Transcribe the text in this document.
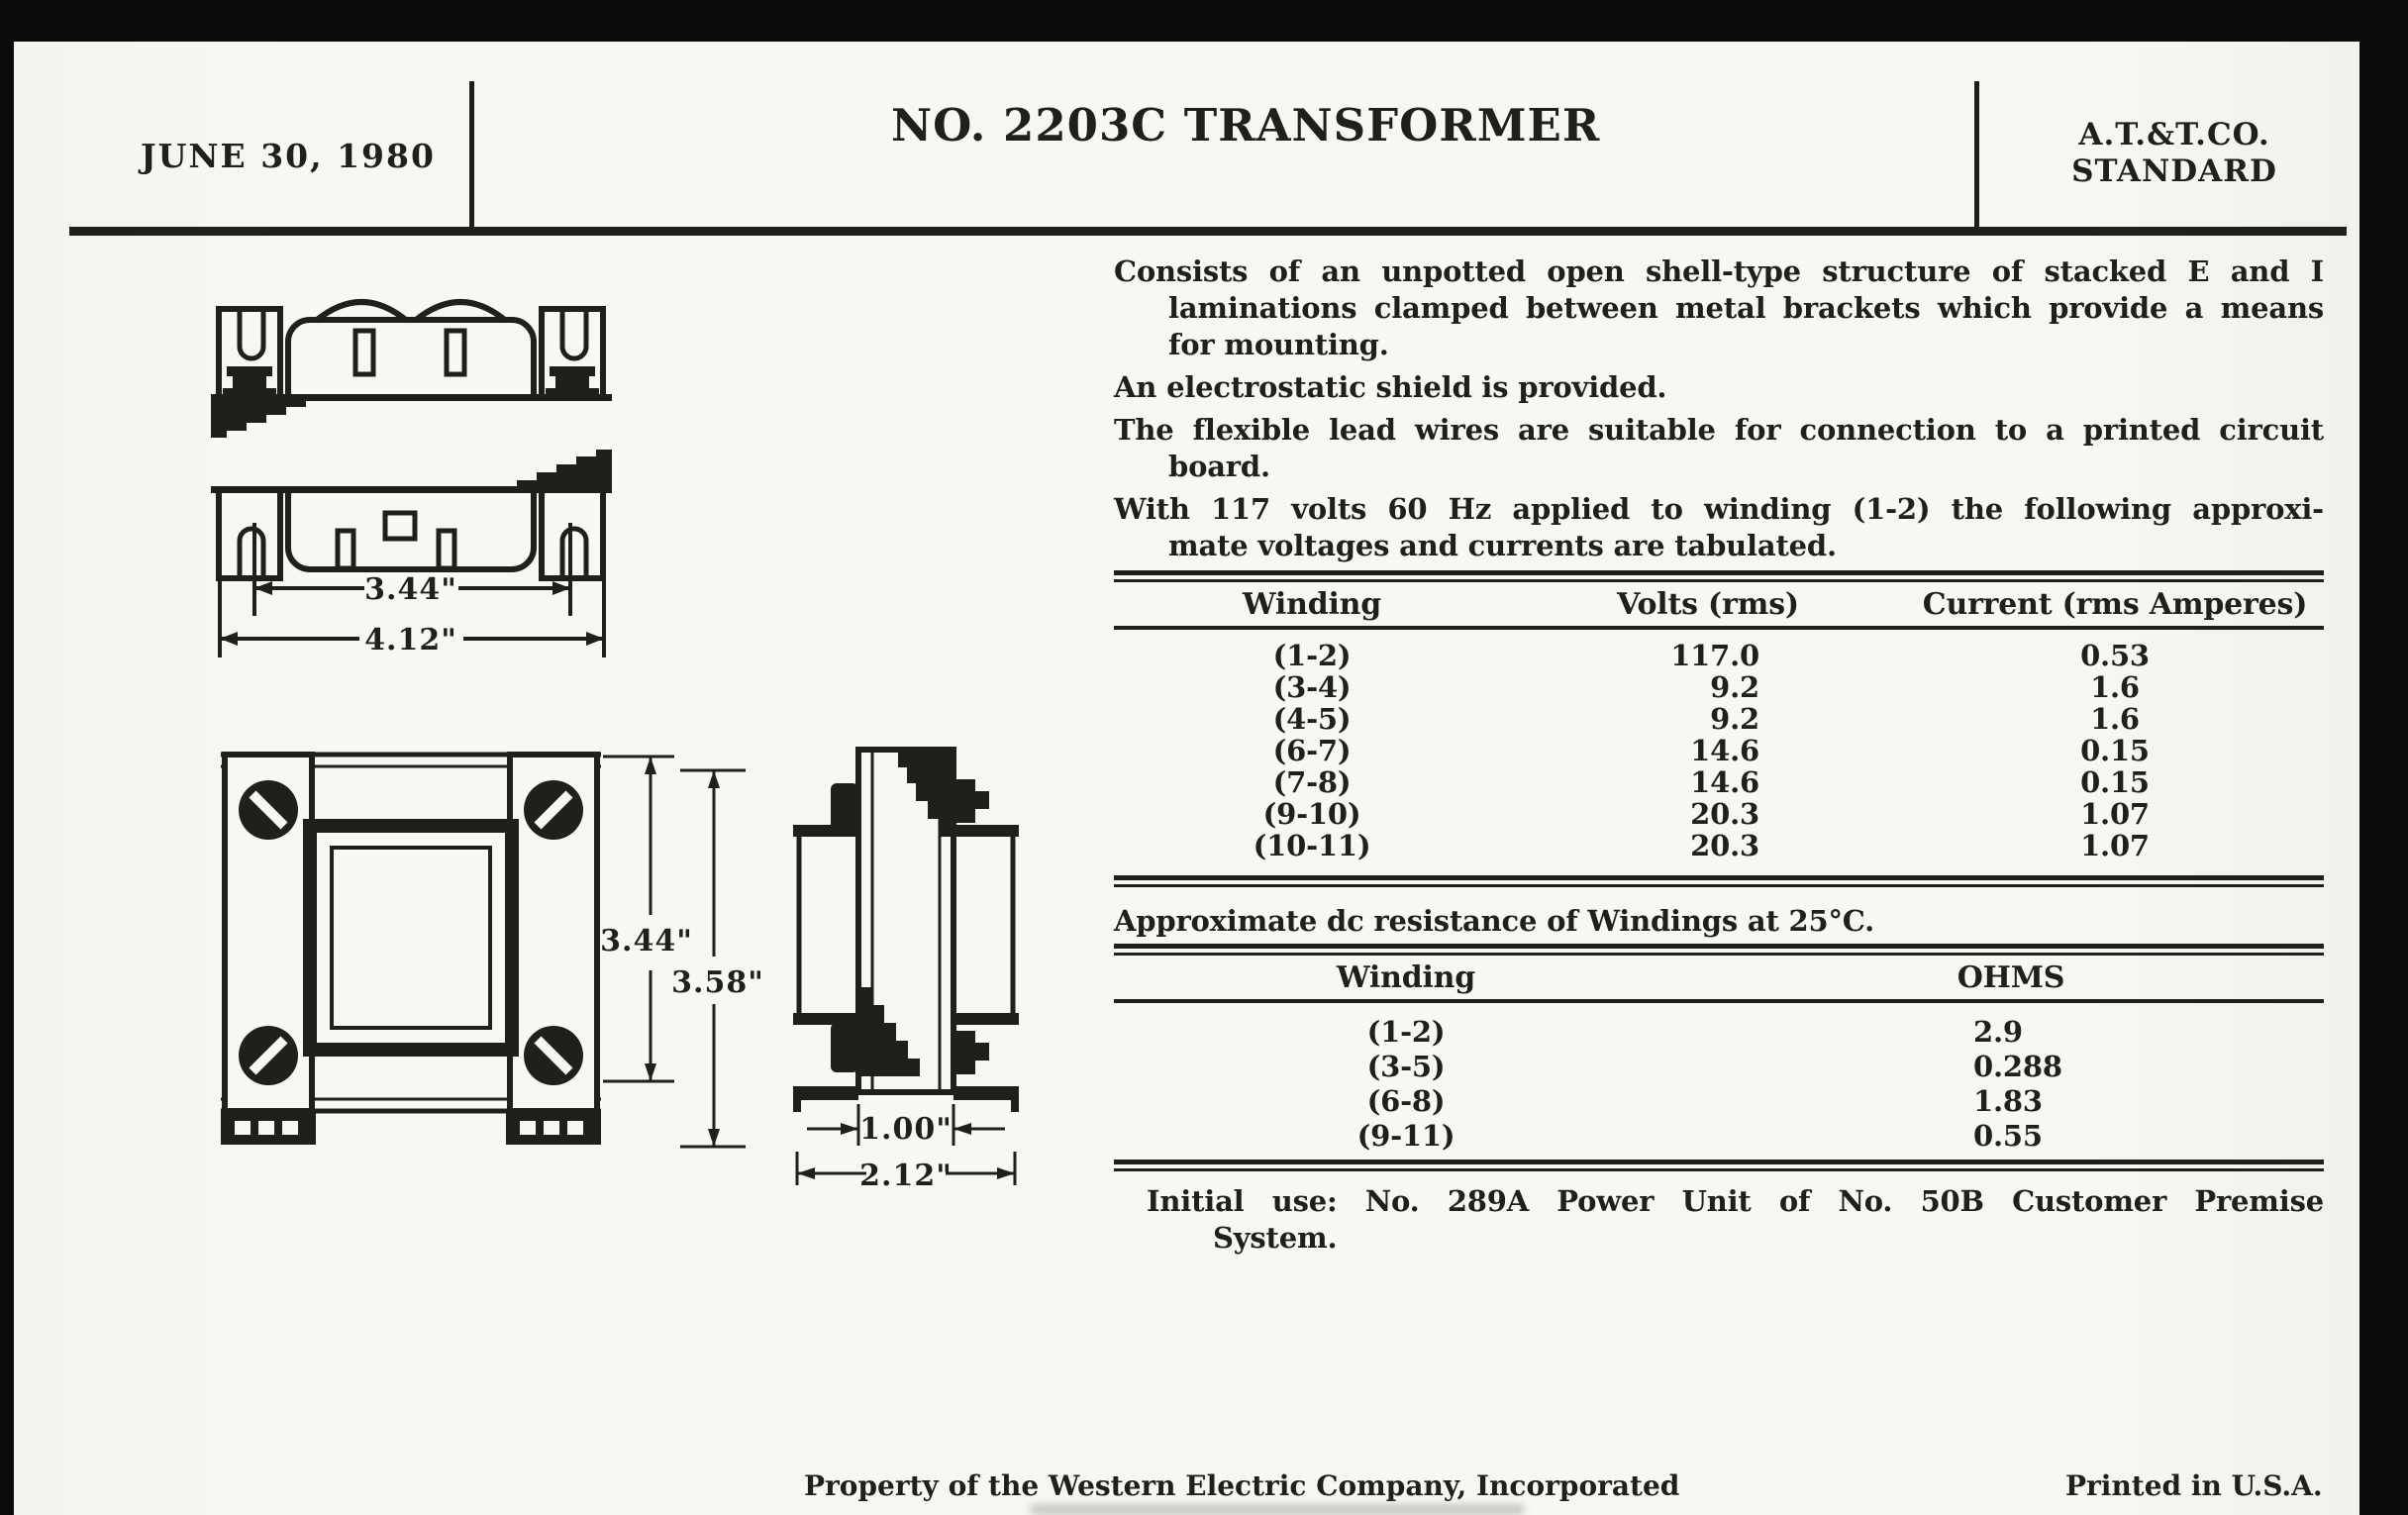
JUNE 30, 1980
NO. 2203C TRANSFORMER	A.T.&T.CO.
STANDARD
3.44"
4.12"
3.44"
3.58"
1.00"
2.12"

Consists of an unpotted open shell-type structure of stacked E and I
laminations clamped between metal brackets which provide a means
for mounting.

An electrostatic shield is provided.

The flexible lead wires are suitable for connection to a printed circuit
board.

With 117 volts 60 Hz applied to winding (1-2) the following approxi-
mate voltages and currents are tabulated.

Winding	Volts (rms)	Current (rms Amperes)
(1-2)	117.0	0.53
(3-4)	9.2	1.6
(4-5)	9.2	1.6
(6-7)	14.6	0.15
(7-8)	14.6	0.15
(9-10)	20.3	1.07
(10-11)	20.3	1.07
Approximate dc resistance of Windings at 25°C.
Winding	OHMS
(1-2)	2.9
(3-5)	0.288
(6-8)	1.83
(9-11)	0.55

Initial use: No. 289A Power Unit of No. 50B Customer Premise
System.

Property of the Western Electric Company, Incorporated	Printed in U.S.A.
